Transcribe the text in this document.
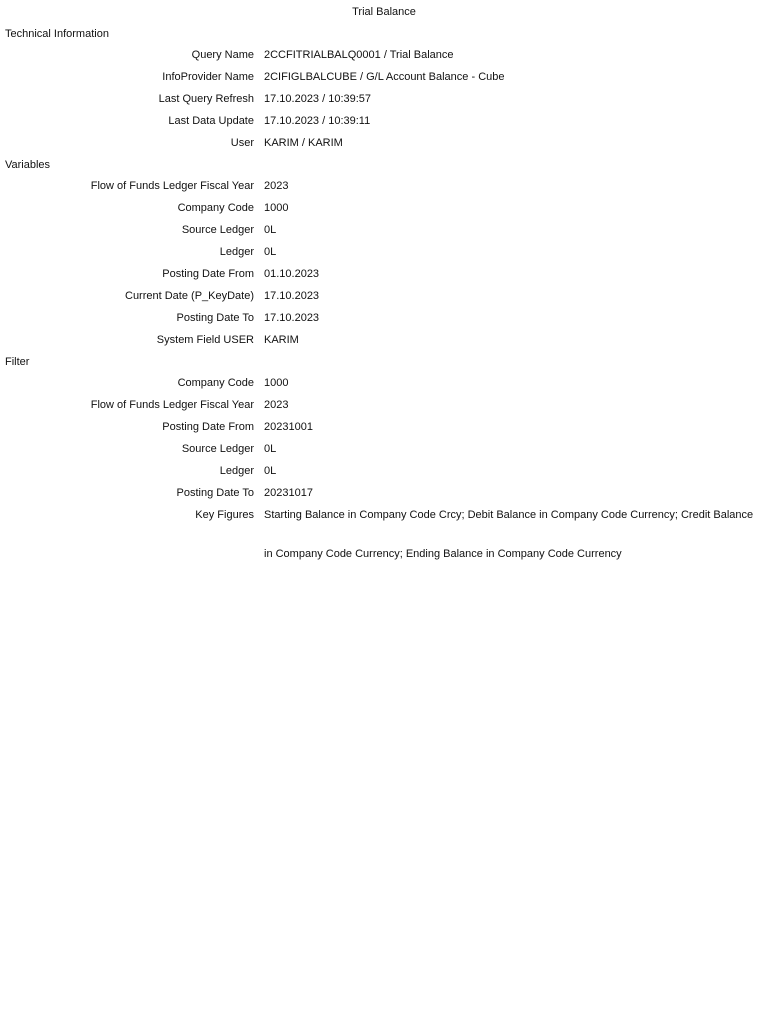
Trial Balance
Technical Information
Query Name 2CCFITRIALBALQ0001 / Trial Balance
InfoProvider Name 2CIFIGLBALCUBE / G/L Account Balance - Cube
Last Query Refresh 17.10.2023 / 10:39:57
Last Data Update 17.10.2023 / 10:39:11
User KARIM / KARIM
Variables
Flow of Funds Ledger Fiscal Year 2023
Company Code 1000
Source Ledger 0L
Ledger 0L
Posting Date From 01.10.2023
Current Date (P_KeyDate) 17.10.2023
Posting Date To 17.10.2023
System Field USER KARIM
Filter
Company Code 1000
Flow of Funds Ledger Fiscal Year 2023
Posting Date From 20231001
Source Ledger 0L
Ledger 0L
Posting Date To 20231017
Key Figures Starting Balance in Company Code Crcy; Debit Balance in Company Code Currency; Credit Balance in Company Code Currency; Ending Balance in Company Code Currency
